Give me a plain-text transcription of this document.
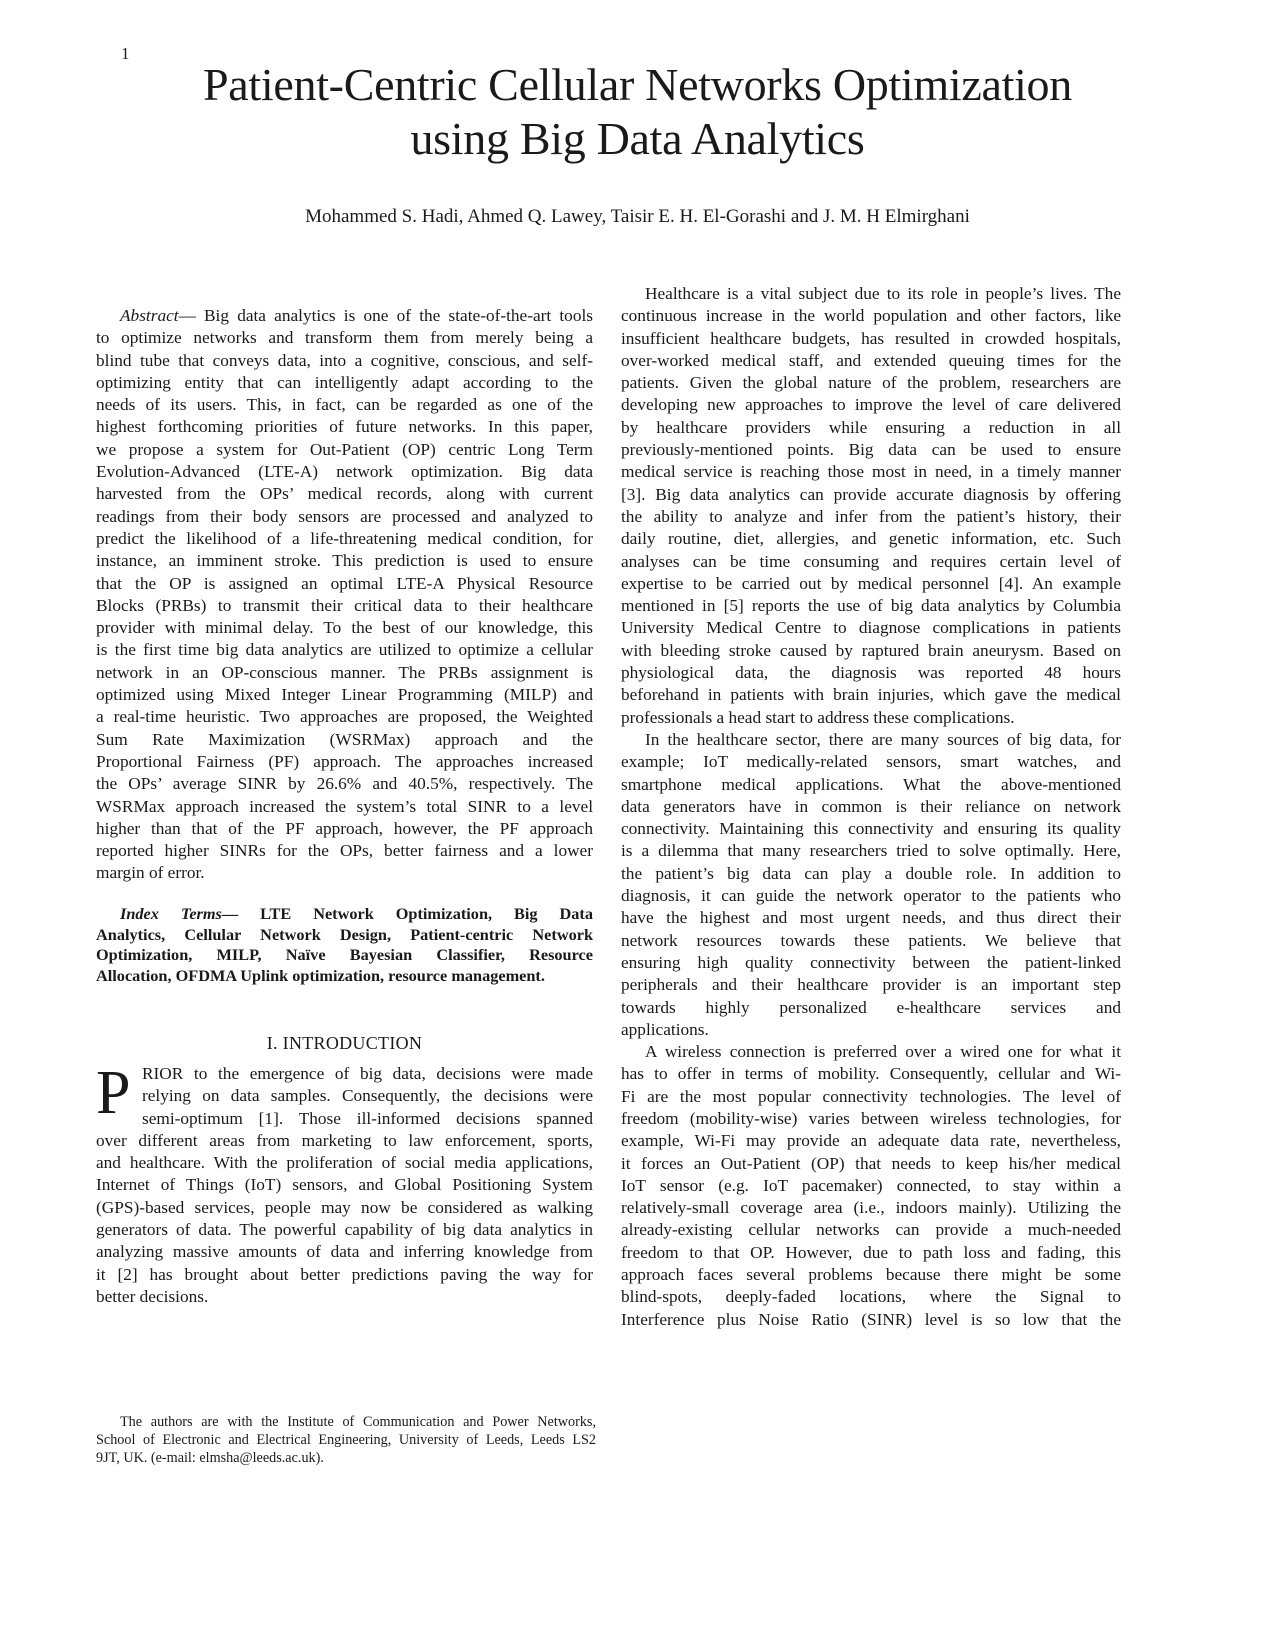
1
Patient-Centric Cellular Networks Optimization
using Big Data Analytics
Mohammed S. Hadi, Ahmed Q. Lawey, Taisir E. H. El-Gorashi and J. M. H Elmirghani
Abstract— Big data analytics is one of the state-of-the-art tools
to optimize networks and transform them from merely being a
blind tube that conveys data, into a cognitive, conscious, and self-
optimizing entity that can intelligently adapt according to the
needs of its users. This, in fact, can be regarded as one of the
highest forthcoming priorities of future networks. In this paper,
we propose a system for Out-Patient (OP) centric Long Term
Evolution-Advanced (LTE-A) network optimization. Big data
harvested from the OPs’ medical records, along with current
readings from their body sensors are processed and analyzed to
predict the likelihood of a life-threatening medical condition, for
instance, an imminent stroke. This prediction is used to ensure
that the OP is assigned an optimal LTE-A Physical Resource
Blocks (PRBs) to transmit their critical data to their healthcare
provider with minimal delay. To the best of our knowledge, this
is the first time big data analytics are utilized to optimize a cellular
network in an OP-conscious manner. The PRBs assignment is
optimized using Mixed Integer Linear Programming (MILP) and
a real-time heuristic. Two approaches are proposed, the Weighted
Sum Rate Maximization (WSRMax) approach and the
Proportional Fairness (PF) approach. The approaches increased
the OPs’ average SINR by 26.6% and 40.5%, respectively. The
WSRMax approach increased the system’s total SINR to a level
higher than that of the PF approach, however, the PF approach
reported higher SINRs for the OPs, better fairness and a lower
margin of error.
Index Terms— LTE Network Optimization, Big Data
Analytics, Cellular Network Design, Patient-centric Network
Optimization, MILP, Naïve Bayesian Classifier, Resource
Allocation, OFDMA Uplink optimization, resource management.
I. INTRODUCTION
P RIOR to the emergence of big data, decisions were made
relying on data samples. Consequently, the decisions were
semi-optimum [1]. Those ill-informed decisions spanned
over different areas from marketing to law enforcement, sports,
and healthcare. With the proliferation of social media applications,
Internet of Things (IoT) sensors, and Global Positioning System
(GPS)-based services, people may now be considered as walking
generators of data. The powerful capability of big data analytics in
analyzing massive amounts of data and inferring knowledge from
it [2] has brought about better predictions paving the way for
better decisions.
The authors are with the Institute of Communication and Power Networks,
School of Electronic and Electrical Engineering, University of Leeds, Leeds LS2
9JT, UK. (e-mail: elmsha@leeds.ac.uk).
Healthcare is a vital subject due to its role in people’s lives. The
continuous increase in the world population and other factors, like
insufficient healthcare budgets, has resulted in crowded hospitals,
over-worked medical staff, and extended queuing times for the
patients. Given the global nature of the problem, researchers are
developing new approaches to improve the level of care delivered
by healthcare providers while ensuring a reduction in all
previously-mentioned points. Big data can be used to ensure
medical service is reaching those most in need, in a timely manner
[3]. Big data analytics can provide accurate diagnosis by offering
the ability to analyze and infer from the patient’s history, their
daily routine, diet, allergies, and genetic information, etc. Such
analyses can be time consuming and requires certain level of
expertise to be carried out by medical personnel [4]. An example
mentioned in [5] reports the use of big data analytics by Columbia
University Medical Centre to diagnose complications in patients
with bleeding stroke caused by raptured brain aneurysm. Based on
physiological data, the diagnosis was reported 48 hours
beforehand in patients with brain injuries, which gave the medical
professionals a head start to address these complications.
In the healthcare sector, there are many sources of big data, for
example; IoT medically-related sensors, smart watches, and
smartphone medical applications. What the above-mentioned
data generators have in common is their reliance on network
connectivity. Maintaining this connectivity and ensuring its quality
is a dilemma that many researchers tried to solve optimally. Here,
the patient’s big data can play a double role. In addition to
diagnosis, it can guide the network operator to the patients who
have the highest and most urgent needs, and thus direct their
network resources towards these patients. We believe that
ensuring high quality connectivity between the patient-linked
peripherals and their healthcare provider is an important step
towards highly personalized e-healthcare services and
applications.
A wireless connection is preferred over a wired one for what it
has to offer in terms of mobility. Consequently, cellular and Wi-
Fi are the most popular connectivity technologies. The level of
freedom (mobility-wise) varies between wireless technologies, for
example, Wi-Fi may provide an adequate data rate, nevertheless,
it forces an Out-Patient (OP) that needs to keep his/her medical
IoT sensor (e.g. IoT pacemaker) connected, to stay within a
relatively-small coverage area (i.e., indoors mainly). Utilizing the
already-existing cellular networks can provide a much-needed
freedom to that OP. However, due to path loss and fading, this
approach faces several problems because there might be some
blind-spots, deeply-faded locations, where the Signal to
Interference plus Noise Ratio (SINR) level is so low that the
